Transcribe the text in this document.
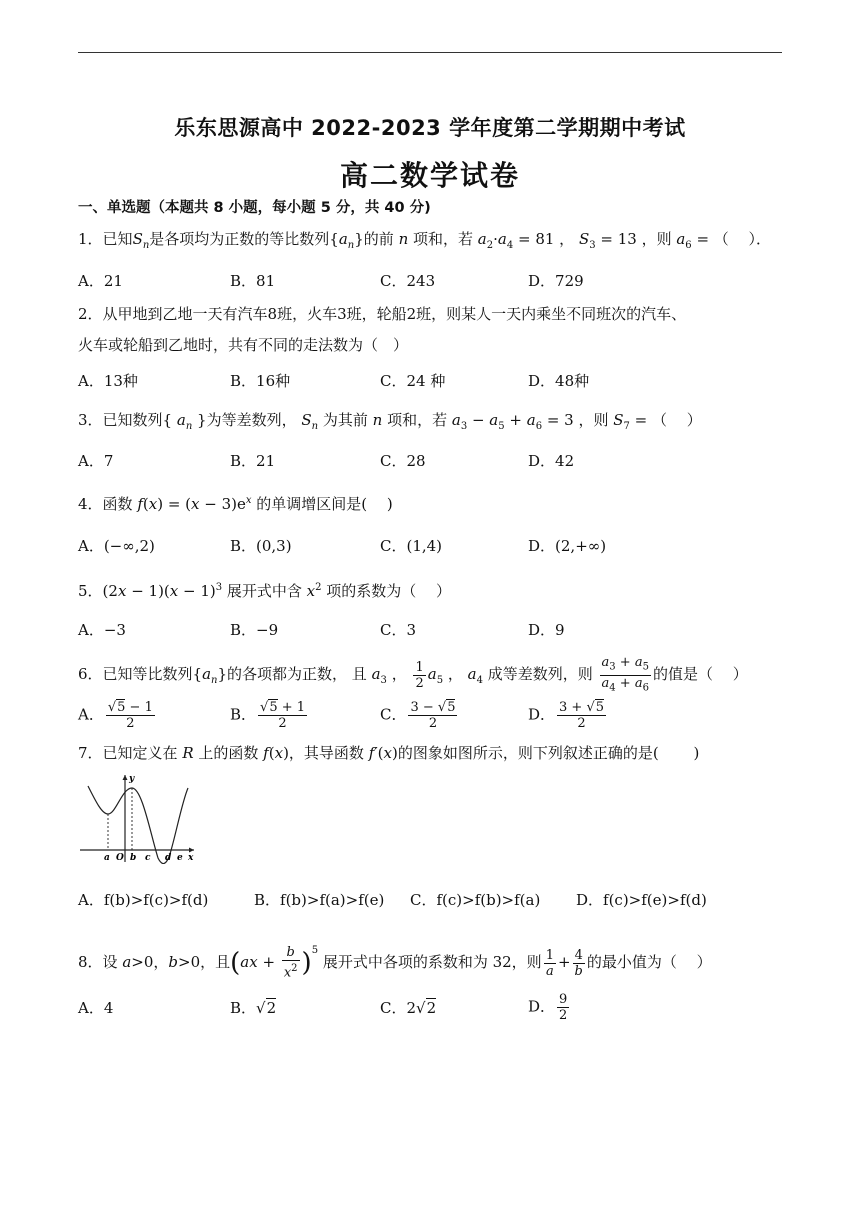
乐东思源高中 2022-2023 学年度第二学期期中考试
高二数学试卷
一、单选题（本题共 8 小题，每小题 5 分，共 40 分)
1．已知$S_n$是各项均为正数的等比数列$\{a_n\}$的前 n 项和，若 $a_2\cdot a_4 = 81$ ， $S_3 = 13$ ，则 $a_6$ = （　 ）．
A．21	B．81	C．243	D．729
2．从甲地到乙地一天有汽车8班，火车3班，轮船2班，则某人一天内乘坐不同班次的汽车、
火车或轮船到乙地时，共有不同的走法数为（　）
A．13种	B．16种	C．24 种	D．48种
3．已知数列{ $a_n$ }为等差数列， $S_n$ 为其前 n 项和，若 $a_3 - a_5 + a_6 = 3$ ，则 $S_7$ = （　 ）
A．7	B．21	C．28	D．42
4．函数 $f(x) = (x - 3)e^x$ 的单调增区间是(　 )
A．(−∞,2)	B．(0,3)	C．(1,4)	D．(2,+∞)
5．$(2x - 1)(x - 1)^3$ 展开式中含 $x^2$ 项的系数为（　 ）
A．−3	B．−9	C．3	D．9
6．已知等比数列$\{a_n\}$的各项都为正数， 且 $a_3$ ， $\frac{1}{2} a_5$ ， $a_4$ 成等差数列，则 $\frac{a_3 + a_5}{a_4 + a_6}$ 的值是（　 ）
A． $\frac{√5 - 1}{2}$	B． $\frac{√5 + 1}{2}$	C． $\frac{3 - √5}{2}$	D． $\frac{3 + √5}{2}$
7．已知定义在 R 上的函数 f(x)，其导函数 f′(x)的图象如图所示，则下列叙述正确的是(　　 )
y
x
a O b c d e
A．f(b)>f(c)>f(d)	B．f(b)>f(a)>f(e) C．f(c)>f(b)>f(a) D．f(c)>f(e)>f(d)
8．设 a>0，b>0，且$(ax + \frac{b}{x^2} )^5$ 展开式中各项的系数和为 32，则 $\frac{1}{a} + \frac{4}{b}$ 的最小值为（　 ）
A．4	B．√2	C．2√2	D． $\frac{9}{2}$
